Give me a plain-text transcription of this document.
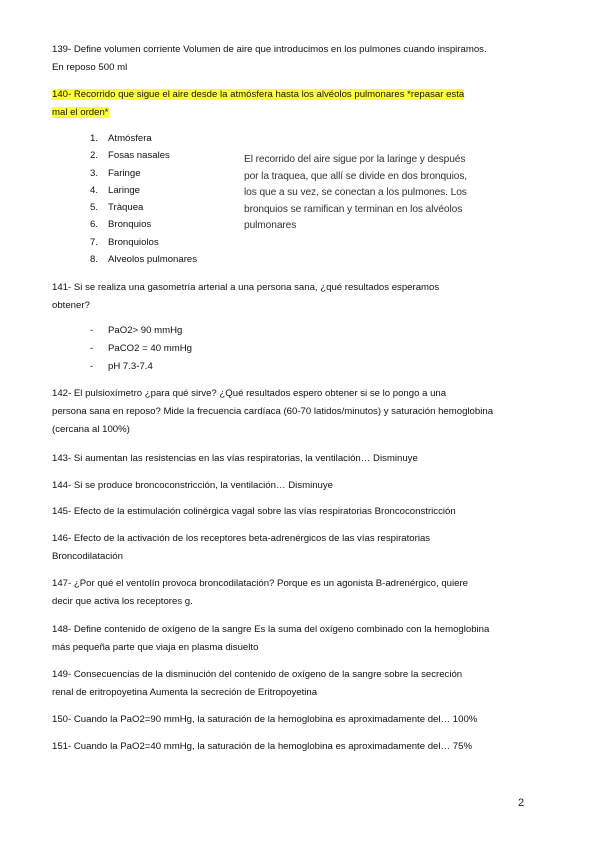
139- Define volumen corriente Volumen de aire que introducimos en los pulmones cuando inspiramos.
En reposo 500 ml
140- Recorrido que sigue el aire desde la atmósfera hasta los alvéolos pulmonares *repasar esta
mal el orden*
1. Atmósfera
2. Fosas nasales
3. Faringe
4. Laringe
5. Tràquea
6. Bronquios
7. Bronquiolos
8. Alveolos pulmonares
El recorrido del aire sigue por la laringe y después
por la traquea, que allí se divide en dos bronquios,
los que a su vez, se conectan a los pulmones. Los
bronquios se ramifican y terminan en los alvéolos
pulmonares
141- Si se realiza una gasometría arterial a una persona sana, ¿qué resultados esperamos
obtener?
- PaO2> 90 mmHg
- PaCO2 = 40 mmHg
- pH 7.3-7.4
142- El pulsioxímetro ¿para qué sirve? ¿Qué resultados espero obtener si se lo pongo a una
persona sana en reposo? Mide la frecuencia cardíaca (60-70 latidos/minutos) y saturación hemoglobina
(cercana al 100%)
143- Si aumentan las resistencias en las vías respiratorias, la ventilación… Disminuye
144- Si se produce broncoconstricción, la ventilación… Disminuye
145- Efecto de la estimulación colinérgica vagal sobre las vías respiratorias Broncoconstricción
146- Efecto de la activación de los receptores beta-adrenérgicos de las vías respiratorias
Broncodilatación
147- ¿Por qué el ventolín provoca broncodilatación? Porque es un agonista B-adrenérgico, quiere
decir que activa los receptores g.
148- Define contenido de oxígeno de la sangre Es la suma del oxígeno combinado con la hemoglobina
más pequeña parte que viaja en plasma disuelto
149- Consecuencias de la disminución del contenido de oxígeno de la sangre sobre la secreción
renal de eritropoyetina Aumenta la secreción de Eritropoyetina
150- Cuando la PaO2=90 mmHg, la saturación de la hemoglobina es aproximadamente del… 100%
151- Cuando la PaO2=40 mmHg, la saturación de la hemoglobina es aproximadamente del… 75%
2
